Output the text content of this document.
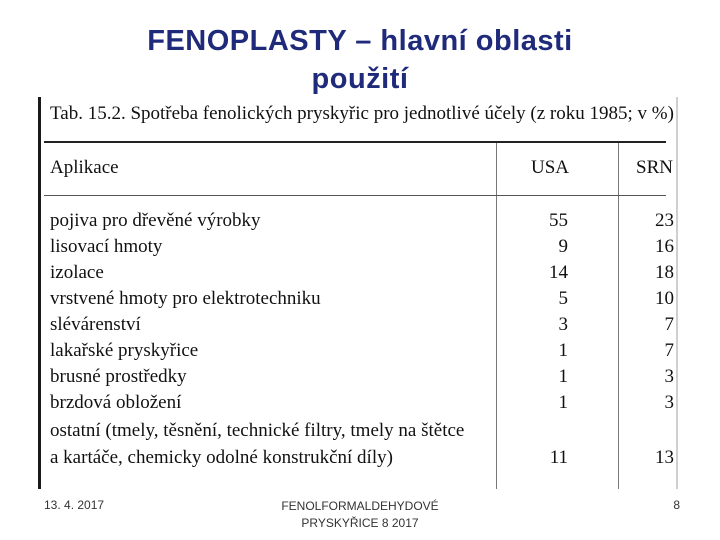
FENOPLASTY – hlavní oblasti
použití
Tab. 15.2. Spotřeba fenolických pryskyřic pro jednotlivé účely (z roku 1985; v %)
Aplikace	USA	SRN
pojiva pro dřevěné výrobky	55	23
lisovací hmoty	9	16
izolace	14	18
vrstvené hmoty pro elektrotechniku	5	10
slévárenství	3	7
lakařské pryskyřice	1	7
brusné prostředky	1	3
brzdová obložení	1	3
ostatní (tmely, těsnění, technické filtry, tmely na štětce
a kartáče, chemicky odolné konstrukční díly)	11	13
13. 4. 2017	FENOLFORMALDEHYDOVÉ
PRYSKYŘICE 8 2017
8
